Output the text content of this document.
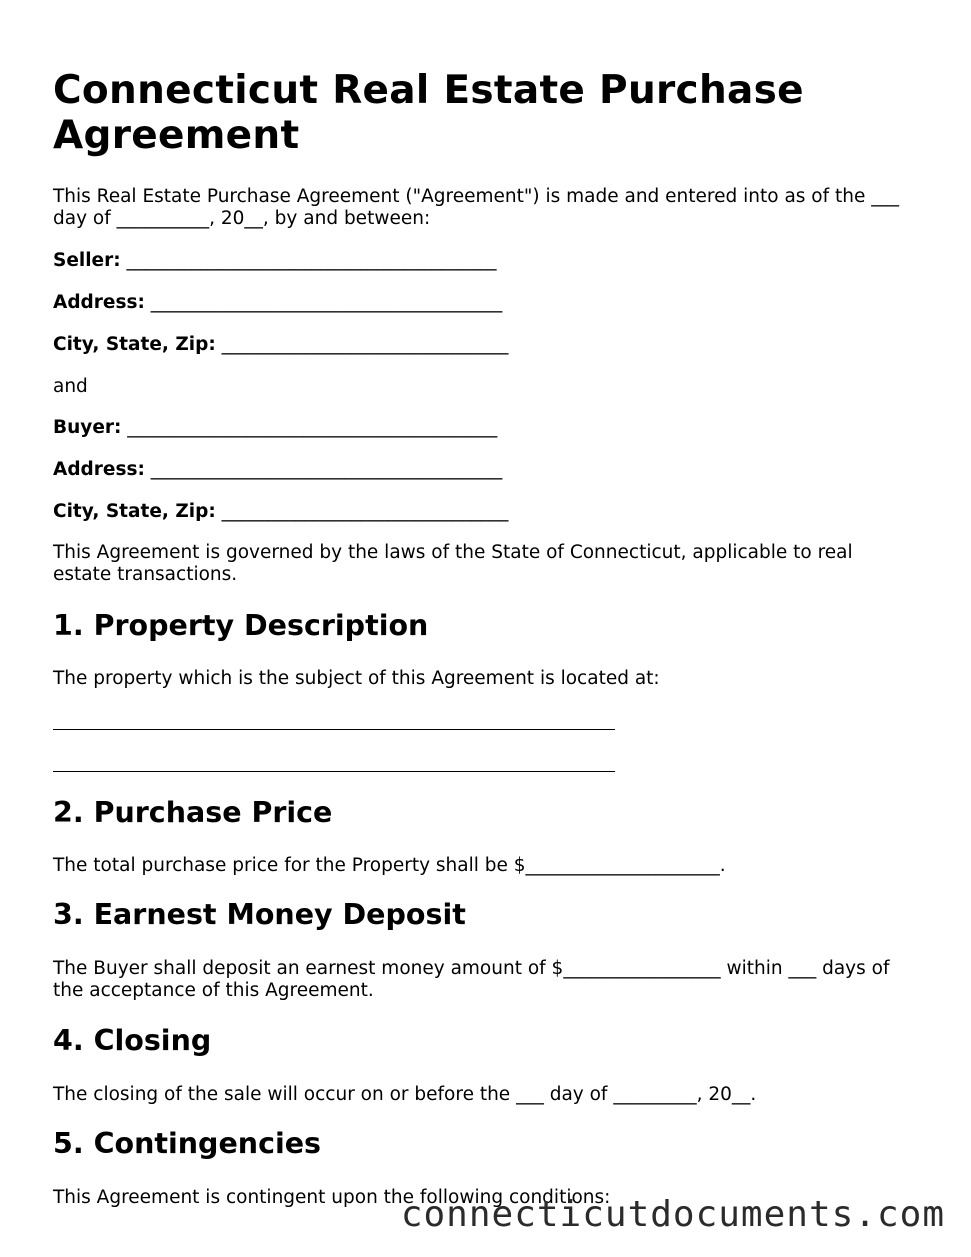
Connecticut Real Estate Purchase Agreement

This Real Estate Purchase Agreement ("Agreement") is made and entered into as of the ___ day of __________, 20__, by and between:

Seller: ________________________________________

Address: ______________________________________

City, State, Zip: _______________________________

and

Buyer: ________________________________________

Address: ______________________________________

City, State, Zip: _______________________________

This Agreement is governed by the laws of the State of Connecticut, applicable to real estate transactions.

1. Property Description

The property which is the subject of this Agreement is located at:

2. Purchase Price

The total purchase price for the Property shall be $_____________________.

3. Earnest Money Deposit

The Buyer shall deposit an earnest money amount of $_________________ within ___ days of the acceptance of this Agreement.

4. Closing

The closing of the sale will occur on or before the ___ day of _________, 20__.

5. Contingencies

This Agreement is contingent upon the following conditions:

connecticutdocuments.com
